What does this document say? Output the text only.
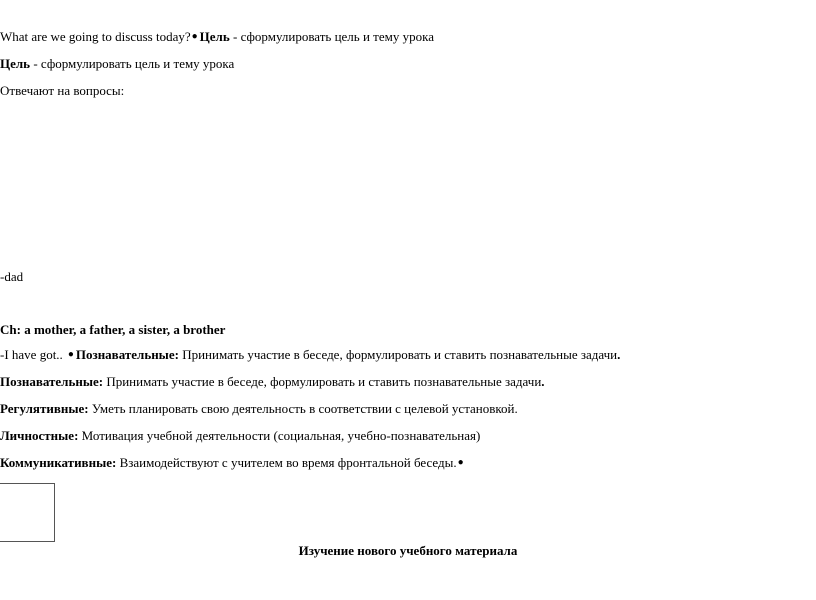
What are we going to discuss today?● Цель - сформулировать цель и тему урока
Цель - сформулировать цель и тему урока
Отвечают на вопросы:
-dad
Ch: a mother, a father, a sister, a brother
-I have got.. ● Познавательные: Принимать участие в беседе, формулировать и ставить познавательные задачи.
Познавательные: Принимать участие в беседе, формулировать и ставить познавательные задачи.
Регулятивные: Уметь планировать свою деятельность в соответствии с целевой установкой.
Личностные: Мотивация учебной деятельности (социальная, учебно-познавательная)
Коммуникативные: Взаимодействуют с учителем во время фронтальной беседы.●
Изучение нового учебного материала
